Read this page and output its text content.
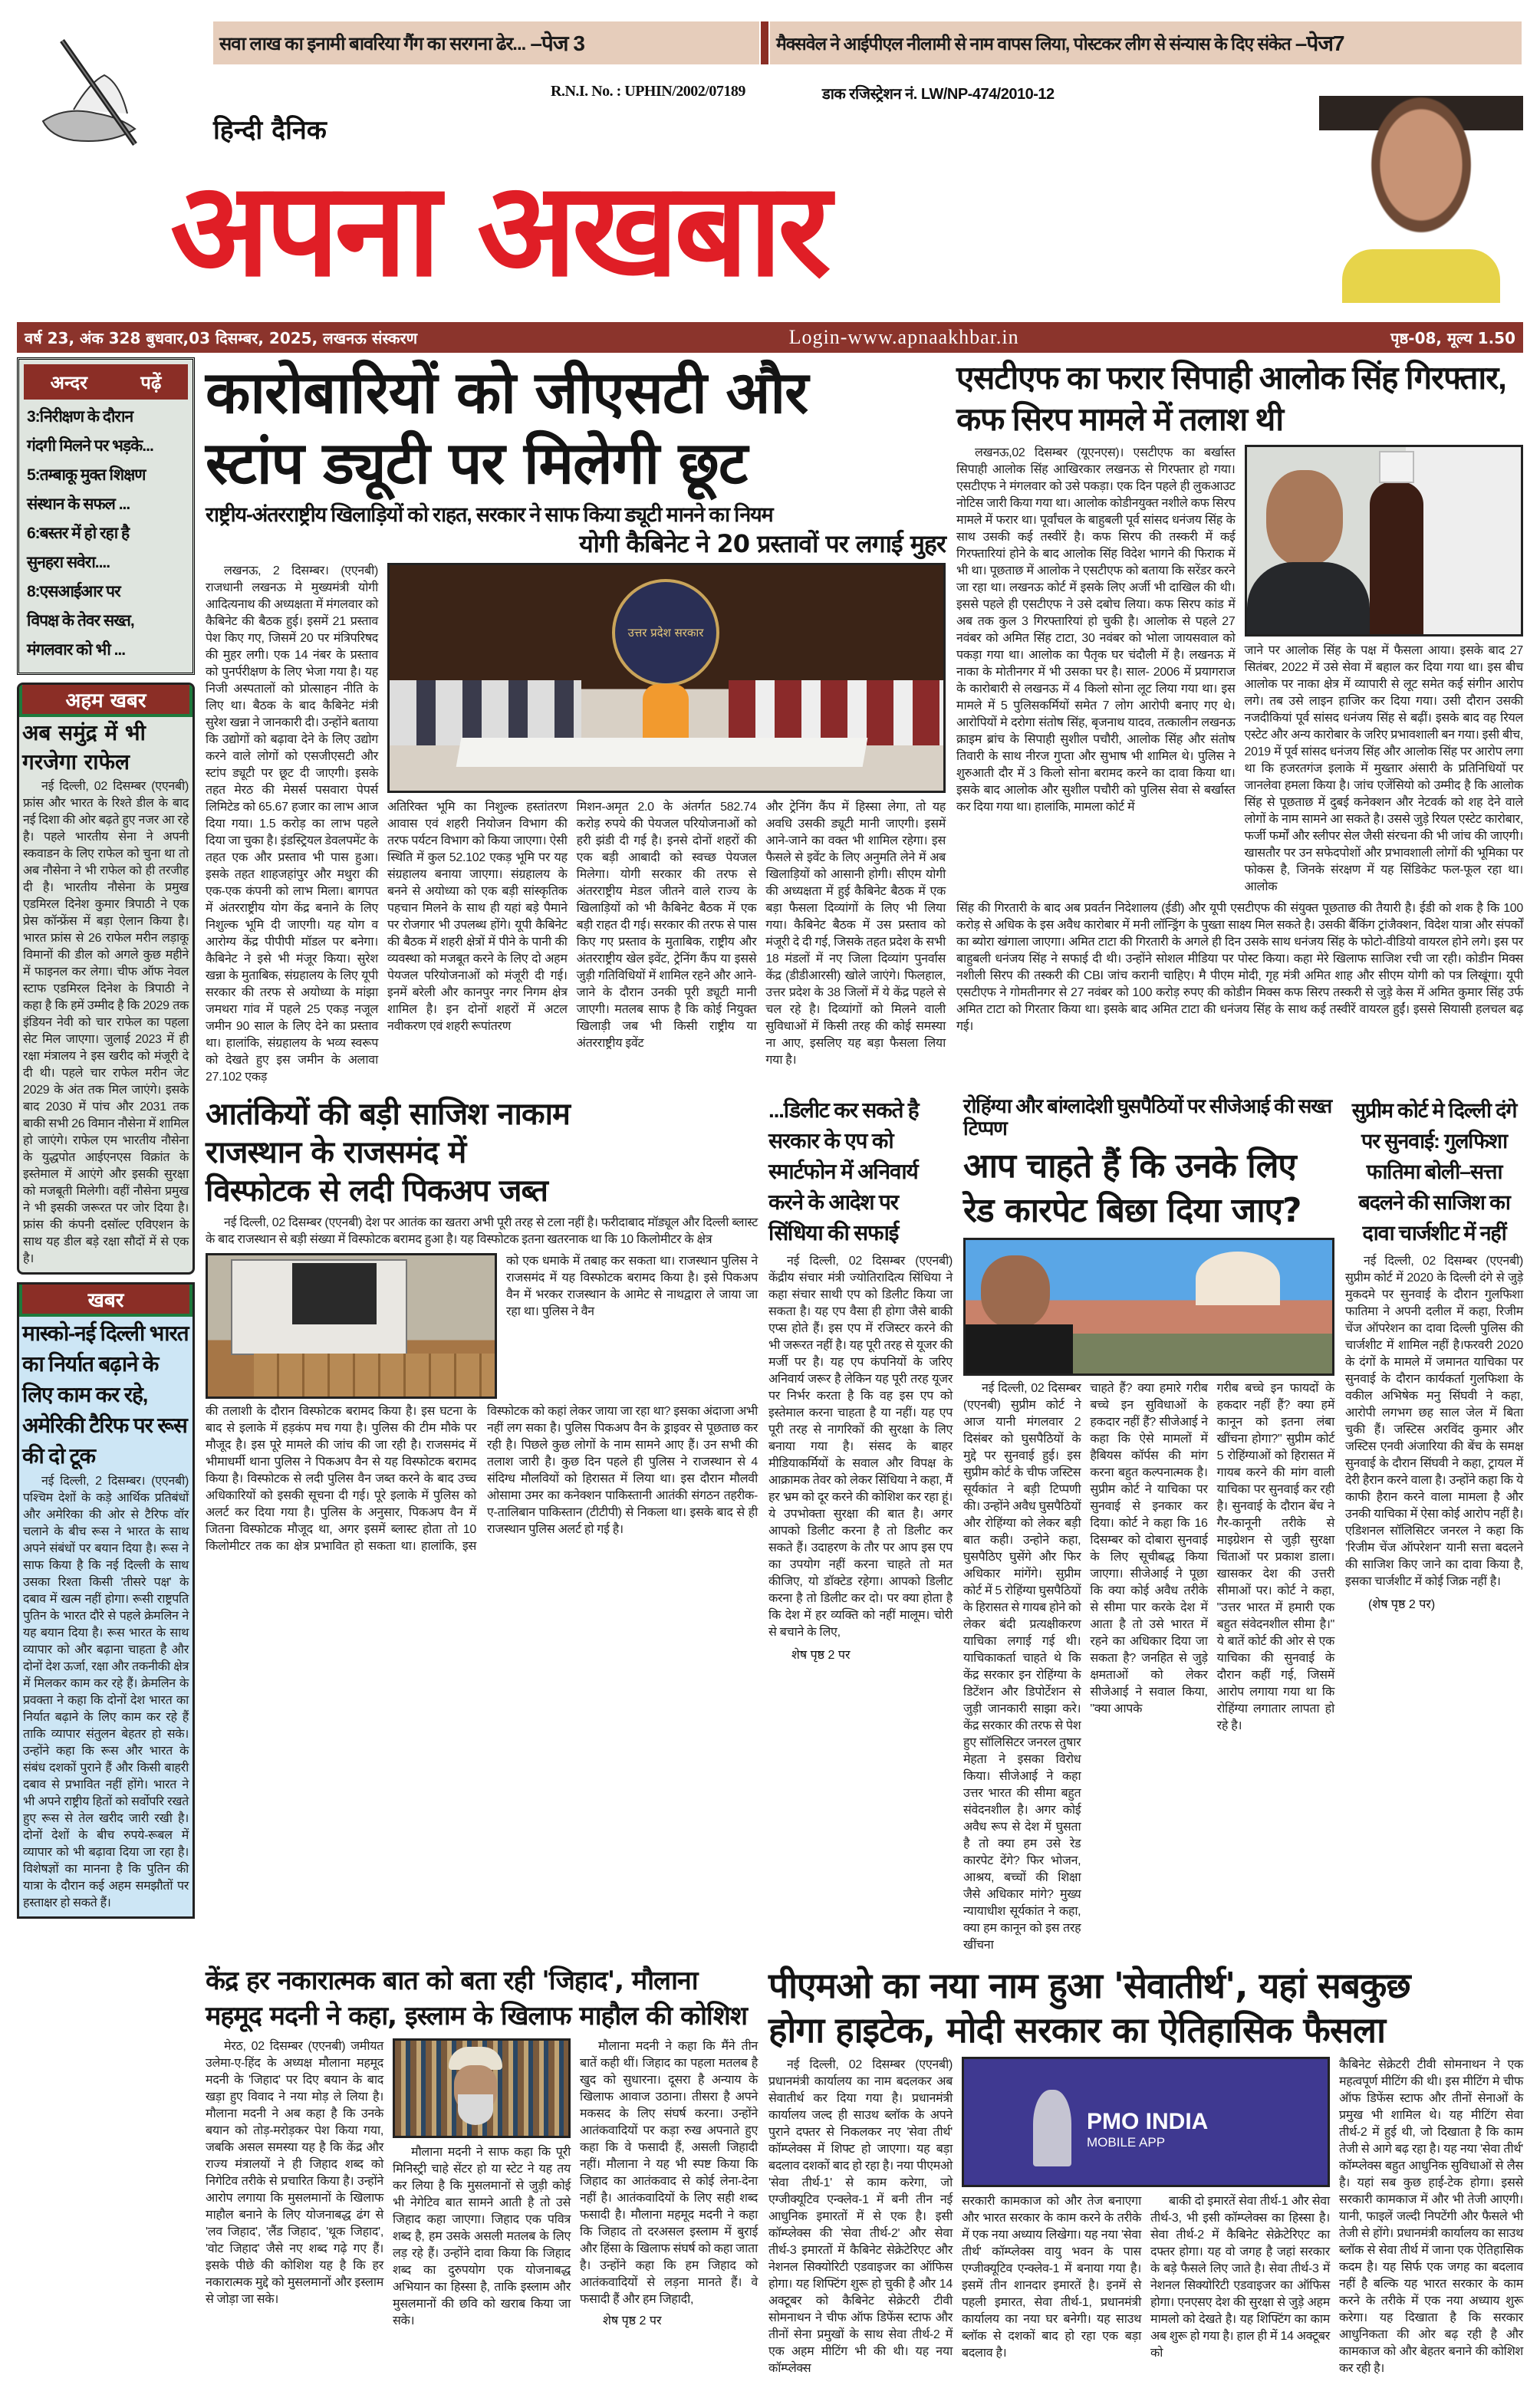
सवा लाख का इनामी बावरिया गैंग का सरगना ढेर... –पेज 3	मैक्सवेल ने आईपीएल नीलामी से नाम वापस लिया, पोस्टकर लीग से संन्यास के दिए संकेत –पेज7
R.N.I. No. : UPHIN/2002/07189	डाक रजिस्ट्रेशन नं. LW/NP-474/2010-12
हिन्दी दैनिक
अपना अखबार
वर्ष 23, अंक 328 बुधवार,03 दिसम्बर, 2025, लखनऊ संस्करण	Login-www.apnaakhbar.in	पृष्ठ-08, मूल्य 1.50
अन्दर	पढ़ें
3:निरीक्षण के दौरान
गंदगी मिलने पर भड़के...
5:तम्बाकू मुक्त शिक्षण
संस्थान के सफल ...
6:बस्तर में हो रहा है
सुनहरा सवेरा....
8:एसआईआर पर
विपक्ष के तेवर सख्त,
मंगलवार को भी ...
अहम खबर
अब समुंद्र में भी गरजेगा राफेल

नई दिल्ली, 02 दिसम्बर (एएनबी) फ्रांस और भारत के रिश्ते डील के बाद नई दिशा की ओर बढ़ते हुए नजर आ रहे है। पहले भारतीय सेना ने अपनी स्कवाडन के लिए राफेल को चुना था तो अब नौसेना ने भी राफेल को ही तरजीह दी है। भारतीय नौसेना के प्रमुख एडमिरल दिनेश कुमार त्रिपाठी ने एक प्रेस कॉन्फ्रेंस में बड़ा ऐलान किया है। भारत फ्रांस से 26 राफेल मरीन लड़ाकू विमानों की डील को अगले कुछ महीने में फाइनल कर लेगा। चीफ ऑफ नेवल स्टाफ एडमिरल दिनेश के त्रिपाठी ने कहा है कि हमें उम्मीद है कि 2029 तक इंडियन नेवी को चार राफेल का पहला सेट मिल जाएगा। जुलाई 2023 में ही रक्षा मंत्रालय ने इस खरीद को मंजूरी दे दी थी। पहले चार राफेल मरीन जेट 2029 के अंत तक मिल जाएंगे। इसके बाद 2030 में पांच और 2031 तक बाकी सभी 26 विमान नौसेना में शामिल हो जाएंगे। राफेल एम भारतीय नौसेना के युद्धपोत आईएनएस विक्रांत के इस्तेमाल में आएंगे और इसकी सुरक्षा को मजबूती मिलेगी। वहीं नौसेना प्रमुख ने भी इसकी जरूरत पर जोर दिया है। फ्रांस की कंपनी दसॉल्ट एविएशन के साथ यह डील बड़े रक्षा सौदों में से एक है।

खबर
मास्को-नई दिल्ली भारत का निर्यात बढ़ाने के लिए काम कर रहे, अमेरिकी टैरिफ पर रूस की दो टूक

नई दिल्ली, 2 दिसम्बर। (एएनबी) पश्चिम देशों के कड़े आर्थिक प्रतिबंधों और अमेरिका की ओर से टैरिफ वॉर चलाने के बीच रूस ने भारत के साथ अपने संबंधों पर बयान दिया है। रूस ने साफ किया है कि नई दिल्ली के साथ उसका रिश्ता किसी 'तीसरे पक्ष' के दबाव में खत्म नहीं होगा। रूसी राष्ट्रपति पुतिन के भारत दौरे से पहले क्रेमलिन ने यह बयान दिया है। रूस भारत के साथ व्यापार को और बढ़ाना चाहता है और दोनों देश ऊर्जा, रक्षा और तकनीकी क्षेत्र में मिलकर काम कर रहे हैं। क्रेमलिन के प्रवक्ता ने कहा कि दोनों देश भारत का निर्यात बढ़ाने के लिए काम कर रहे हैं ताकि व्यापार संतुलन बेहतर हो सके। उन्होंने कहा कि रूस और भारत के संबंध दशकों पुराने हैं और किसी बाहरी दबाव से प्रभावित नहीं होंगे। भारत ने भी अपने राष्ट्रीय हितों को सर्वोपरि रखते हुए रूस से तेल खरीद जारी रखी है। दोनों देशों के बीच रुपये-रूबल में व्यापार को भी बढ़ावा दिया जा रहा है। विशेषज्ञों का मानना है कि पुतिन की यात्रा के दौरान कई अहम समझौतों पर हस्ताक्षर हो सकते हैं।

कारोबारियों को जीएसटी और
स्टांप ड्यूटी पर मिलेगी छूट
राष्ट्रीय-अंतरराष्ट्रीय खिलाड़ियों को राहत, सरकार ने साफ किया ड्यूटी मानने का नियम
योगी कैबिनेट ने 20 प्रस्तावों पर लगाई मुहर

लखनऊ, 2 दिसम्बर। (एएनबी) राजधानी लखनऊ मे मुख्यमंत्री योगी आदित्यनाथ की अध्यक्षता में मंगलवार को कैबिनेट की बैठक हुई। इसमें 21 प्रस्ताव पेश किए गए, जिसमें 20 पर मंत्रिपरिषद की मुहर लगी। एक 14 नंबर के प्रस्ताव को पुनर्परीक्षण के लिए भेजा गया है। यह निजी अस्पतालों को प्रोत्साहन नीति के लिए था। बैठक के बाद कैबिनेट मंत्री सुरेश खन्ना ने जानकारी दी। उन्होंने बताया कि उद्योगों को बढ़ावा देने के लिए उद्योग करने वाले लोगों को एसजीएसटी और स्टांप ड्यूटी पर छूट दी जाएगी। इसके तहत मेरठ की मेसर्स पसवारा पेपर्स लिमिटेड को 65.67 हजार का लाभ आज दिया गया। 1.5 करोड़ का लाभ पहले दिया जा चुका है। इंडस्ट्रियल डेवलपमेंट के तहत एक और प्रस्ताव भी पास हुआ। इसके तहत शाहजहांपुर और मथुरा की एक-एक कंपनी को लाभ मिला। बागपत में अंतरराष्ट्रीय योग केंद्र बनाने के लिए निशुल्क भूमि दी जाएगी। यह योग व आरोग्य केंद्र पीपीपी मॉडल पर बनेगा। कैबिनेट ने इसे भी मंजूर किया। सुरेश खन्ना के मुताबिक, संग्रहालय के लिए यूपी सरकार की तरफ से अयोध्या के मांझा जमथरा गांव में पहले 25 एकड़ नजूल जमीन 90 साल के लिए देने का प्रस्ताव था। हालांकि, संग्रहालय के भव्य स्वरूप को देखते हुए इस जमीन के अलावा 27.102 एकड़

उत्तर प्रदेश सरकार

अतिरिक्त भूमि का निशुल्क हस्तांतरण आवास एवं शहरी नियोजन विभाग की तरफ पर्यटन विभाग को किया जाएगा। ऐसी स्थिति में कुल 52.102 एकड़ भूमि पर यह संग्रहालय बनाया जाएगा। संग्रहालय के बनने से अयोध्या को एक बड़ी सांस्कृतिक पहचान मिलने के साथ ही यहां बड़े पैमाने पर रोजगार भी उपलब्ध होंगे। यूपी कैबिनेट की बैठक में शहरी क्षेत्रों में पीने के पानी की व्यवस्था को मजबूत करने के लिए दो अहम पेयजल परियोजनाओं को मंजूरी दी गई। इनमें बरेली और कानपुर नगर निगम क्षेत्र शामिल है। इन दोनों शहरों में अटल नवीकरण एवं शहरी रूपांतरण

मिशन-अमृत 2.0 के अंतर्गत 582.74 करोड़ रुपये की पेयजल परियोजनाओं को हरी झंडी दी गई है। इनसे दोनों शहरों की एक बड़ी आबादी को स्वच्छ पेयजल मिलेगा। योगी सरकार की तरफ से अंतरराष्ट्रीय मेडल जीतने वाले राज्य के खिलाड़ियों को भी कैबिनेट बैठक में एक बड़ी राहत दी गई। सरकार की तरफ से पास किए गए प्रस्ताव के मुताबिक, राष्ट्रीय और अंतरराष्ट्रीय खेल इवेंट, ट्रेनिंग कैंप या इससे जुड़ी गतिविधियों में शामिल रहने और आने-जाने के दौरान उनकी पूरी ड्यूटी मानी जाएगी। मतलब साफ है कि कोई नियुक्त खिलाड़ी जब भी किसी राष्ट्रीय या अंतरराष्ट्रीय इवेंट

और ट्रेनिंग कैंप में हिस्सा लेगा, तो यह अवधि उसकी ड्यूटी मानी जाएगी। इसमें आने-जाने का वक्त भी शामिल रहेगा। इस फैसले से इवेंट के लिए अनुमति लेने में अब खिलाड़ियों को आसानी होगी। सीएम योगी की अध्यक्षता में हुई कैबिनेट बैठक में एक बड़ा फैसला दिव्यांगों के लिए भी लिया गया। कैबिनेट बैठक में उस प्रस्ताव को मंजूरी दे दी गई, जिसके तहत प्रदेश के सभी 18 मंडलों में नए जिला दिव्यांग पुनर्वास केंद्र (डीडीआरसी) खोले जाएंगे। फिलहाल, उत्तर प्रदेश के 38 जिलों में ये केंद्र पहले से चल रहे है। दिव्यांगों को मिलने वाली सुविधाओं में किसी तरह की कोई समस्या ना आए, इसलिए यह बड़ा फैसला लिया गया है।

एसटीएफ का फरार सिपाही आलोक सिंह गिरफ्तार, कफ सिरप मामले में तलाश थी

लखनऊ,02 दिसम्बर (यूएनएस)। एसटीएफ का बर्खास्त सिपाही आलोक सिंह आखिरकार लखनऊ से गिरफ्तार हो गया। एसटीएफ ने मंगलवार को उसे पकड़ा। एक दिन पहले ही लुकआउट नोटिस जारी किया गया था। आलोक कोडीनयुक्त नशीले कफ सिरप मामले में फरार था। पूर्वांचल के बाहुबली पूर्व सांसद धनंजय सिंह के साथ उसकी कई तस्वीरें है। कफ सिरप की तस्करी में कई गिरफ्तारियां होने के बाद आलोक सिंह विदेश भागने की फिराक में भी था। पूछताछ में आलोक ने एसटीएफ को बताया कि सरेंडर करने जा रहा था। लखनऊ कोर्ट में इसके लिए अर्जी भी दाखिल की थी। इससे पहले ही एसटीएफ ने उसे दबोच लिया। कफ सिरप कांड में अब तक कुल 3 गिरफ्तारियां हो चुकी है। आलोक से पहले 27 नवंबर को अमित सिंह टाटा, 30 नवंबर को भोला जायसवाल को पकड़ा गया था। आलोक का पैतृक घर चंदौली में है। लखनऊ में नाका के मोतीनगर में भी उसका घर है। साल- 2006 में प्रयागराज के कारोबारी से लखनऊ में 4 किलो सोना लूट लिया गया था। इस मामले में 5 पुलिसकर्मियों समेत 7 लोग आरोपी बनाए गए थे। आरोपियों मे दरोगा संतोष सिंह, बृजनाथ यादव, तत्कालीन लखनऊ क्राइम ब्रांच के सिपाही सुशील पचौरी, आलोक सिंह और संतोष तिवारी के साथ नीरज गुप्ता और सुभाष भी शामिल थे। पुलिस ने शुरुआती दौर में 3 किलो सोना बरामद करने का दावा किया था। इसके बाद आलोक और सुशील पचौरी को पुलिस सेवा से बर्खास्त कर दिया गया था। हालांकि, मामला कोर्ट में

जाने पर आलोक सिंह के पक्ष में फैसला आया। इसके बाद 27 सितंबर, 2022 में उसे सेवा में बहाल कर दिया गया था। इस बीच आलोक पर नाका क्षेत्र में व्यापारी से लूट समेत कई संगीन आरोप लगे। तब उसे लाइन हाजिर कर दिया गया। उसी दौरान उसकी नजदीकियां पूर्व सांसद धनंजय सिंह से बढ़ीं। इसके बाद वह रियल एस्टेट और अन्य कारोबार के जरिए प्रभावशाली बन गया। इसी बीच, 2019 में पूर्व सांसद धनंजय सिंह और आलोक सिंह पर आरोप लगा था कि हजरतगंज इलाके में मुख्तार अंसारी के प्रतिनिधियों पर जानलेवा हमला किया है। जांच एजेंसियो को उम्मीद है कि आलोक सिंह से पूछताछ में दुबई कनेक्शन और नेटवर्क को शह देने वाले लोगों के नाम सामने आ सकते है। उससे जुड़े रियल एस्टेट कारोबार, फर्जी फर्मों और स्लीपर सेल जैसी संरचना की भी जांच की जाएगी। खासतौर पर उन सफेदपोशों और प्रभावशाली लोगों की भूमिका पर फोकस है, जिनके संरक्षण में यह सिंडिकेट फल-फूल रहा था। आलोक

सिंह की गिरतारी के बाद अब प्रवर्तन निदेशालय (ईडी) और यूपी एसटीएफ की संयुक्त पूछताछ की तैयारी है। ईडी को शक है कि 100 करोड़ से अधिक के इस अवैध कारोबार में मनी लॉन्ड्रिंग के पुख्ता साक्ष्य मिल सकते है। उसकी बैंकिंग ट्रांजैक्शन, विदेश यात्रा और संपर्कों का ब्योरा खंगाला जाएगा। अमित टाटा की गिरतारी के अगले ही दिन उसके साथ धनंजय सिंह के फोटो-वीडियो वायरल होने लगे। इस पर बाहुबली धनंजय सिंह ने सफाई दी थी। उन्होंने सोशल मीडिया पर पोस्ट किया। कहा मेरे खिलाफ साजिश रची जा रही। कोडीन मिक्स नशीली सिरप की तस्करी की CBI जांच करानी चाहिए। मै पीएम मोदी, गृह मंत्री अमित शाह और सीएम योगी को पत्र लिखूंगा। यूपी एसटीएफ ने गोमतीनगर से 27 नवंबर को 100 करोड़ रुपए की कोडीन मिक्स कफ सिरप तस्करी से जुड़े केस में अमित कुमार सिंह उर्फ अमित टाटा को गिरतार किया था। इसके बाद अमित टाटा की धनंजय सिंह के साथ कई तस्वीरें वायरल हुईं। इससे सियासी हलचल बढ़ गई।

आतंकियों की बड़ी साजिश नाकाम
राजस्थान के राजसमंद में
विस्फोटक से लदी पिकअप जब्त

नई दिल्ली, 02 दिसम्बर (एएनबी) देश पर आतंक का खतरा अभी पूरी तरह से टला नहीं है। फरीदाबाद मॉड्यूल और दिल्ली ब्लास्ट के बाद राजस्थान से बड़ी संख्या में विस्फोटक बरामद हुआ है। यह विस्फोटक इतना खतरनाक था कि 10 किलोमीटर के क्षेत्र

को एक धमाके में तबाह कर सकता था। राजस्थान पुलिस ने राजसमंद में यह विस्फोटक बरामद किया है। इसे पिकअप वैन में भरकर राजस्थान के आमेट से नाथद्वारा ले जाया जा रहा था। पुलिस ने वैन

की तलाशी के दौरान विस्फोटक बरामद किया है। इस घटना के बाद से इलाके में हड़कंप मच गया है। पुलिस की टीम मौके पर मौजूद है। इस पूरे मामले की जांच की जा रही है। राजसमंद में भीमाधर्मी थाना पुलिस ने पिकअप वैन से यह विस्फोटक बरामद किया है। विस्फोटक से लदी पुलिस वैन जब्त करने के बाद उच्च अधिकारियों को इसकी सूचना दी गई। पूरे इलाके में पुलिस को अलर्ट कर दिया गया है। पुलिस के अनुसार, पिकअप वैन में जितना विस्फोटक मौजूद था, अगर इसमें ब्लास्ट होता तो 10 किलोमीटर तक का क्षेत्र प्रभावित हो सकता था। हालांकि, इस विस्फोटक को कहां लेकर जाया जा रहा था? इसका अंदाजा अभी नहीं लग सका है। पुलिस पिकअप वैन के ड्राइवर से पूछताछ कर रही है। पिछले कुछ लोगों के नाम सामने आए हैं। उन सभी की तलाश जारी है। कुछ दिन पहले ही पुलिस ने राजस्थान से 4 संदिग्ध मौलवियों को हिरासत में लिया था। इस दौरान मौलवी ओसामा उमर का कनेक्शन पाकिस्तानी आतंकी संगठन तहरीक-ए-तालिबान पाकिस्तान (टीटीपी) से निकला था। इसके बाद से ही राजस्थान पुलिस अलर्ट हो गई है।

...डिलीट कर सकते है सरकार के एप को स्मार्टफोन में अनिवार्य करने के आदेश पर सिंधिया की सफाई

नई दिल्ली, 02 दिसम्बर (एएनबी) केंद्रीय संचार मंत्री ज्योतिरादित्य सिंधिया ने कहा संचार साथी एप को डिलीट किया जा सकता है। यह एप वैसा ही होगा जैसे बाकी एप्स होते हैं। इस एप में रजिस्टर करने की भी जरूरत नहीं है। यह पूरी तरह से यूजर की मर्जी पर है। यह एप कंपनियों के जरिए अनिवार्य जरूर है लेकिन यह पूरी तरह यूजर पर निर्भर करता है कि वह इस एप को इस्तेमाल करना चाहता है या नहीं। यह एप पूरी तरह से नागरिकों की सुरक्षा के लिए बनाया गया है। संसद के बाहर मीडियाकर्मियों के सवाल और विपक्ष के आक्रामक तेवर को लेकर सिंधिया ने कहा, मैं हर भ्रम को दूर करने की कोशिश कर रहा हूं। ये उपभोक्ता सुरक्षा की बात है। अगर आपको डिलीट करना है तो डिलीट कर सकते हैं। उदाहरण के तौर पर आप इस एप का उपयोग नहीं करना चाहते तो मत कीजिए, यो डॉक्टेड रहेगा। आपको डिलीट करना है तो डिलीट कर दो। पर क्या होता है कि देश में हर व्यक्ति को नहीं मालूम। चोरी से बचाने के लिए,

शेष पृष्ठ 2 पर
रोहिंग्या और बांग्लादेशी घुसपैठियों पर सीजेआई की सख्त टिप्पण
आप चाहते हैं कि उनके लिए
रेड कारपेट बिछा दिया जाए?

नई दिल्ली, 02 दिसम्बर (एएनबी) सुप्रीम कोर्ट ने आज यानी मंगलवार 2 दिसंबर को घुसपैठियों के मुद्दे पर सुनवाई हुई। इस सुप्रीम कोर्ट के चीफ जस्टिस सूर्यकांत ने बड़ी टिप्पणी की। उन्होंने अवैध घुसपैठियों और रोहिंग्या को लेकर बड़ी बात कही। उन्होने कहा, घुसपैठिए घुसेंगे और फिर अधिकार मांगेंगे। सुप्रीम कोर्ट में 5 रोहिंग्या घुसपैठियों के हिरासत से गायब होने को लेकर बंदी प्रत्यक्षीकरण याचिका लगाई गई थी। याचिकाकर्ता चाहते थे कि केंद्र सरकार इन रोहिंग्या के डिटेंशन और डिपोर्टेशन से जुड़ी जानकारी साझा करे। केंद्र सरकार की तरफ से पेश हुए सॉलिसिटर जनरल तुषार मेहता ने इसका विरोध किया। सीजेआई ने कहा उत्तर भारत की सीमा बहुत संवेदनशील है। अगर कोई अवैध रूप से देश में घुसता है तो क्या हम उसे रेड कारपेट देंगे? फिर भोजन, आश्रय, बच्चों की शिक्षा जैसे अधिकार मांगे? मुख्य न्यायाधीश सूर्यकांत ने कहा, क्या हम कानून को इस तरह खींचना

चाहते हैं? क्या हमारे गरीब बच्चे इन सुविधाओं के हकदार नहीं हैं? सीजेआई ने कहा कि ऐसे मामलों में हैबियस कॉर्पस की मांग करना बहुत कल्पनात्मक है। सुप्रीम कोर्ट ने याचिका पर सुनवाई से इनकार कर दिया। कोर्ट ने कहा कि 16 दिसम्बर को दोबारा सुनवाई के लिए सूचीबद्ध किया जाएगा। सीजेआई ने पूछा कि क्या कोई अवैध तरीके से सीमा पार करके देश में आता है तो उसे भारत में रहने का अधिकार दिया जा सकता है? जनहित से जुड़े क्षमताओं को लेकर सीजेआई ने सवाल किया, "क्या आपके

गरीब बच्चे इन फायदों के हकदार नहीं हैं? क्या हमें कानून को इतना लंबा खींचना होगा?" सुप्रीम कोर्ट 5 रोहिंग्याओं को हिरासत में गायब करने की मांग वाली याचिका पर सुनवाई कर रही है। सुनवाई के दौरान बेंच ने गैर-कानूनी तरीके से माइग्रेशन से जुड़ी सुरक्षा चिंताओं पर प्रकाश डाला। खासकर देश की उत्तरी सीमाओं पर। कोर्ट ने कहा, "उत्तर भारत में हमारी एक बहुत संवेदनशील सीमा है।" ये बातें कोर्ट की ओर से एक याचिका की सुनवाई के दौरान कहीं गई, जिसमें आरोप लगाया गया था कि रोहिंग्या लगातार लापता हो रहे है।

सुप्रीम कोर्ट मे दिल्ली दंगे पर सुनवाई: गुलफिशा फातिमा बोली–सत्ता बदलने की साजिश का दावा चार्जशीट में नहीं

नई दिल्ली, 02 दिसम्बर (एएनबी) सुप्रीम कोर्ट में 2020 के दिल्ली दंगे से जुड़े मुकदमे पर सुनवाई के दौरान गुलफिशा फातिमा ने अपनी दलील में कहा, रिजीम चेंज ऑपरेशन का दावा दिल्ली पुलिस की चार्जशीट में शामिल नहीं है।फरवरी 2020 के दंगों के मामले में जमानत याचिका पर सुनवाई के दौरान कार्यकर्ता गुलफिशा के वकील अभिषेक मनु सिंघवी ने कहा, आरोपी लगभग छह साल जेल में बिता चुकी हैं। जस्टिस अरविंद कुमार और जस्टिस एनवी अंजारिया की बेंच के समक्ष सुनवाई के दौरान सिंघवी ने कहा, ट्रायल में देरी हैरान करने वाला है। उन्होंने कहा कि ये काफी हैरान करने वाला मामला है और उनकी याचिका में ऐसा कोई आरोप नहीं है। एडिशनल सॉलिसिटर जनरल ने कहा कि 'रिजीम चेंज ऑपरेशन' यानी सत्ता बदलने की साजिश किए जाने का दावा किया है, इसका चार्जशीट में कोई जिक्र नहीं है।

(शेष पृष्ठ 2 पर)
केंद्र हर नकारात्मक बात को बता रही 'जिहाद', मौलाना
महमूद मदनी ने कहा, इस्लाम के खिलाफ माहौल की कोशिश

मेरठ, 02 दिसम्बर (एएनबी) जमीयत उलेमा-ए-हिंद के अध्यक्ष मौलाना महमूद मदनी के 'जिहाद' पर दिए बयान के बाद खड़ा हुए विवाद ने नया मोड़ ले लिया है। मौलाना मदनी ने अब कहा है कि उनके बयान को तोड़-मरोड़कर पेश किया गया, जबकि असल समस्या यह है कि केंद्र और राज्य मंत्रालयों ने ही जिहाद शब्द को निगेटिव तरीके से प्रचारित किया है। उन्होंने आरोप लगाया कि मुसलमानों के खिलाफ माहौल बनाने के लिए योजनाबद्ध ढंग से 'लव जिहाद', 'लैंड जिहाद', 'थूक जिहाद', 'वोट जिहाद' जैसे नए शब्द गढ़े गए हैं। इसके पीछे की कोशिश यह है कि हर नकारात्मक मुद्दे को मुसलमानों और इस्लाम से जोड़ा जा सके।

मौलाना मदनी ने साफ कहा कि पूरी मिनिस्ट्री चाहे सेंटर हो या स्टेट ने यह तय कर लिया है कि मुसलमानों से जुड़ी कोई भी नेगेटिव बात सामने आती है तो उसे जिहाद कहा जाएगा। जिहाद एक पवित्र शब्द है, हम उसके असली मतलब के लिए लड़ रहे हैं। उन्होंने दावा किया कि जिहाद शब्द का दुरुपयोग एक योजनाबद्ध अभियान का हिस्सा है, ताकि इस्लाम और मुसलमानों की छवि को खराब किया जा सके।

मौलाना मदनी ने कहा कि मैंने तीन बातें कही थीं। जिहाद का पहला मतलब है खुद को सुधारना। दूसरा है अन्याय के खिलाफ आवाज उठाना। तीसरा है अपने मकसद के लिए संघर्ष करना। उन्होंने आतंकवादियों पर कड़ा रुख अपनाते हुए कहा कि वे फसादी हैं, असली जिहादी नहीं। मौलाना ने यह भी स्पष्ट किया कि जिहाद का आतंकवाद से कोई लेना-देना नहीं है। आतंकवादियों के लिए सही शब्द फसादी है। मौलाना महमूद मदनी ने कहा कि जिहाद तो दरअसल इस्लाम में बुराई और हिंसा के खिलाफ संघर्ष को कहा जाता है। उन्होंने कहा कि हम जिहाद को आतंकवादियों से लड़ना मानते हैं। वे फसादी हैं और हम जिहादी,

शेष पृष्ठ 2 पर
पीएमओ का नया नाम हुआ 'सेवातीर्थ', यहां सबकुछ
होगा हाइटेक, मोदी सरकार का ऐतिहासिक फैसला

नई दिल्ली, 02 दिसम्बर (एएनबी) प्रधानमंत्री कार्यालय का नाम बदलकर अब सेवातीर्थ कर दिया गया है। प्रधानमंत्री कार्यालय जल्द ही साउथ ब्लॉक के अपने पुराने दफ्तर से निकलकर नए 'सेवा तीर्थ' कॉम्प्लेक्स में शिफ्ट हो जाएगा। यह बड़ा बदलाव दशकों बाद हो रहा है। नया पीएमओ 'सेवा तीर्थ-1' से काम करेगा, जो एग्जीक्यूटिव एन्क्लेव-1 में बनी तीन नई आधुनिक इमारतों में से एक है। इसी कॉम्प्लेक्स की 'सेवा तीर्थ-2' और सेवा तीर्थ-3 इमारतों में कैबिनेट सेक्रेटेरिएट और नेशनल सिक्योरिटी एडवाइजर का ऑफिस होगा। यह शिफ्टिंग शुरू हो चुकी है और 14 अक्टूबर को कैबिनेट सेक्रेटरी टीवी सोमनाथन ने चीफ ऑफ डिफेंस स्टाफ और तीनों सेना प्रमुखों के साथ सेवा तीर्थ-2 में एक अहम मीटिंग भी की थी। यह नया कॉम्प्लेक्स

PMO INDIA
MOBILE APP

सरकारी कामकाज को और तेज बनाएगा और भारत सरकार के काम करने के तरीके में एक नया अध्याय लिखेगा। यह नया 'सेवा तीर्थ' कॉम्प्लेक्स वायु भवन के पास एग्जीक्यूटिव एन्क्लेव-1 में बनाया गया है। इसमें तीन शानदार इमारतें है। इनमें से पहली इमारत, सेवा तीर्थ-1, प्रधानमंत्री कार्यालय का नया घर बनेगी। यह साउथ ब्लॉक से दशकों बाद हो रहा एक बड़ा बदलाव है।

बाकी दो इमारतें सेवा तीर्थ-1 और सेवा तीर्थ-3, भी इसी कॉम्प्लेक्स का हिस्सा है। सेवा तीर्थ-2 में कैबिनेट सेक्रेटेरिएट का दफ्तर होगा। यह वो जगह है जहां सरकार के बड़े फैसले लिए जाते है। सेवा तीर्थ-3 में नेशनल सिक्योरिटी एडवाइजर का ऑफिस होगा। एनएसए देश की सुरक्षा से जुड़े अहम मामलो को देखते है। यह शिफ्टिंग का काम अब शुरू हो गया है। हाल ही में 14 अक्टूबर को

कैबिनेट सेक्रेटरी टीवी सोमनाथन ने एक महत्वपूर्ण मीटिंग की थी। इस मीटिंग मे चीफ ऑफ डिफेंस स्टाफ और तीनों सेनाओं के प्रमुख भी शामिल थे। यह मीटिंग सेवा तीर्थ-2 में हुई थी, जो दिखाता है कि काम तेजी से आगे बढ़ रहा है। यह नया 'सेवा तीर्थ' कॉम्प्लेक्स बहुत आधुनिक सुविधाओं से लैस है। यहां सब कुछ हाई-टेक होगा। इससे सरकारी कामकाज में और भी तेजी आएगी। यानी, फाइलें जल्दी निपटेंगी और फैसले भी तेजी से होंगे। प्रधानमंत्री कार्यालय का साउथ ब्लॉक से सेवा तीर्थ में जाना एक ऐतिहासिक कदम है। यह सिर्फ एक जगह का बदलाव नहीं है बल्कि यह भारत सरकार के काम करने के तरीके में एक नया अध्याय शुरू करेगा। यह दिखाता है कि सरकार आधुनिकता की ओर बढ़ रही है और कामकाज को और बेहतर बनाने की कोशिश कर रही है।
